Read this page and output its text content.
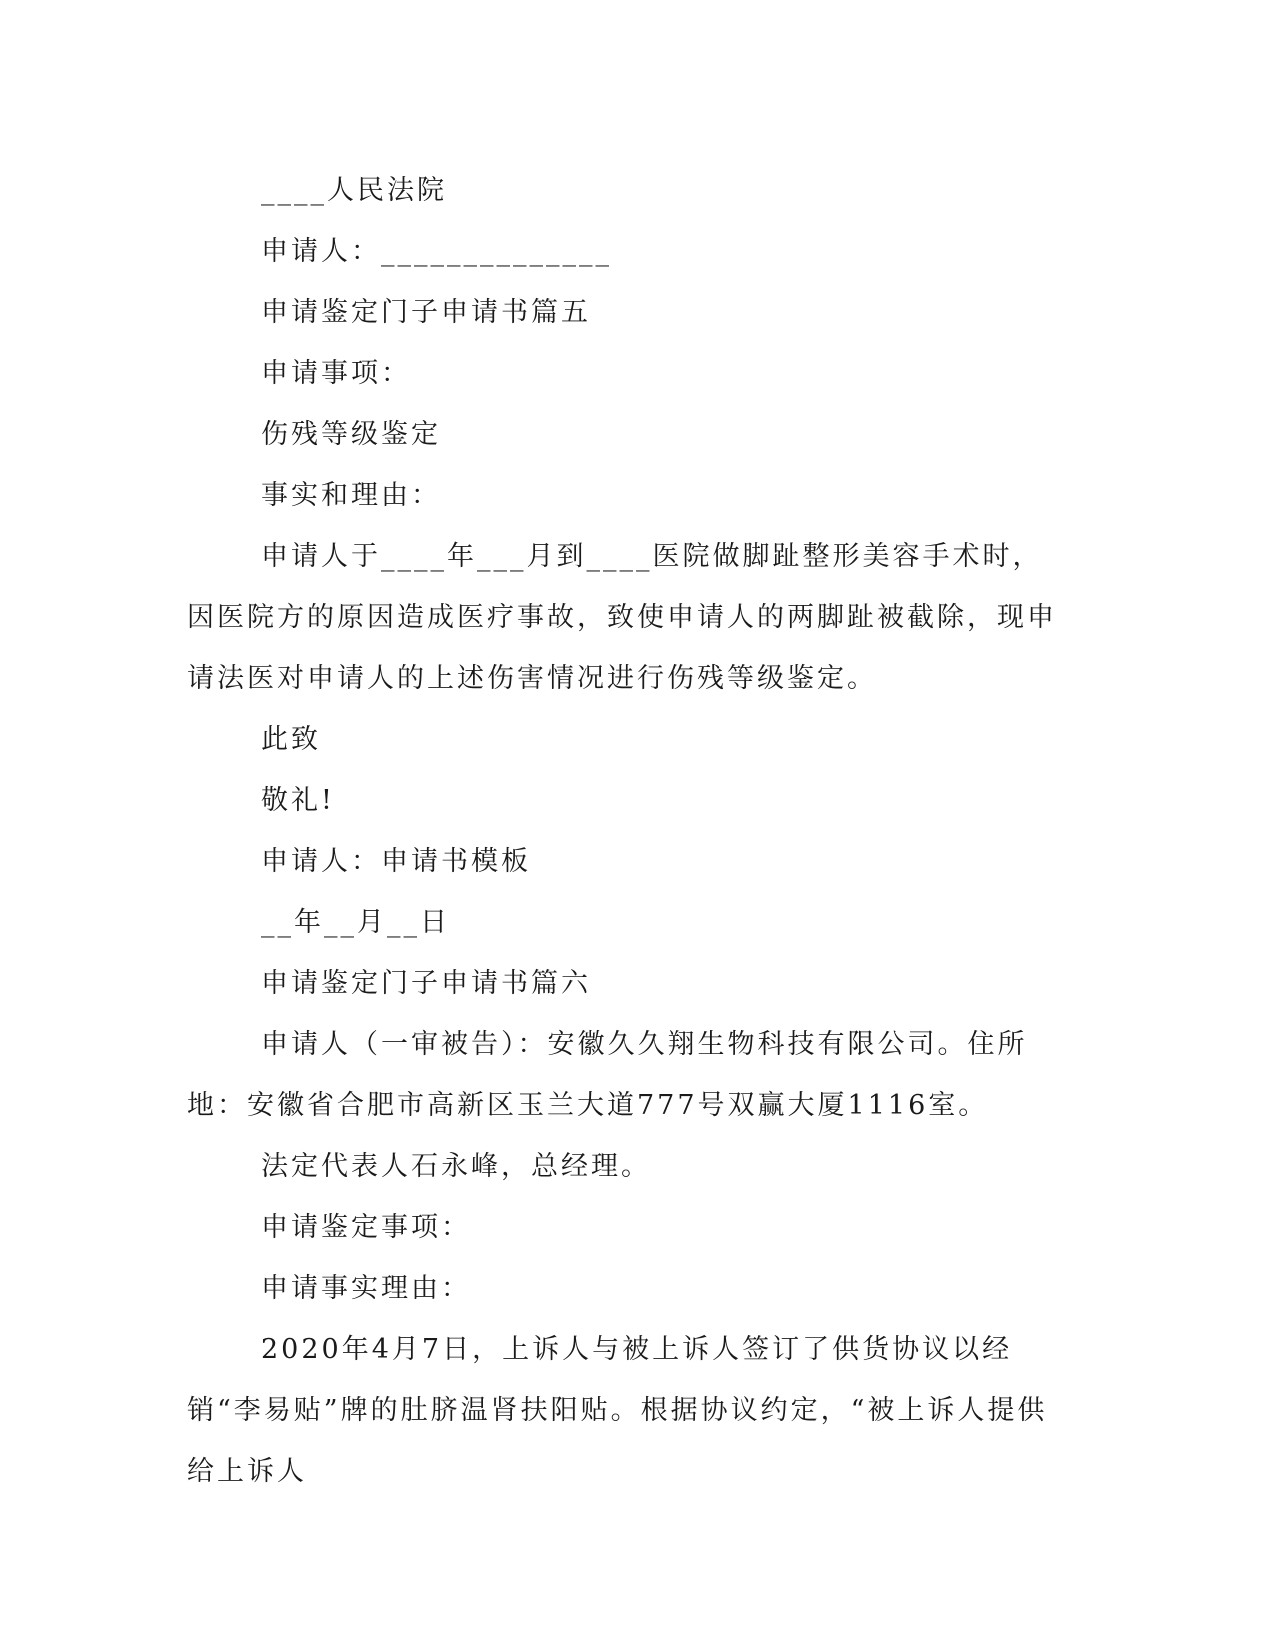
____人民法院

申请人：______________

申请鉴定门子申请书篇五

申请事项：

伤残等级鉴定

事实和理由：

申请人于____年___月到____医院做脚趾整形美容手术时，因医院方的原因造成医疗事故，致使申请人的两脚趾被截除，现申请法医对申请人的上述伤害情况进行伤残等级鉴定。

此致

敬礼!

申请人：申请书模板

__年__月__日

申请鉴定门子申请书篇六

申请人（一审被告）：安徽久久翔生物科技有限公司。住所地：安徽省合肥市高新区玉兰大道777号双赢大厦1116室。

法定代表人石永峰，总经理。

申请鉴定事项：

申请事实理由：

2020年4月7日，上诉人与被上诉人签订了供货协议以经销“李易贴”牌的肚脐温肾扶阳贴。根据协议约定，“被上诉人提供给上诉人
